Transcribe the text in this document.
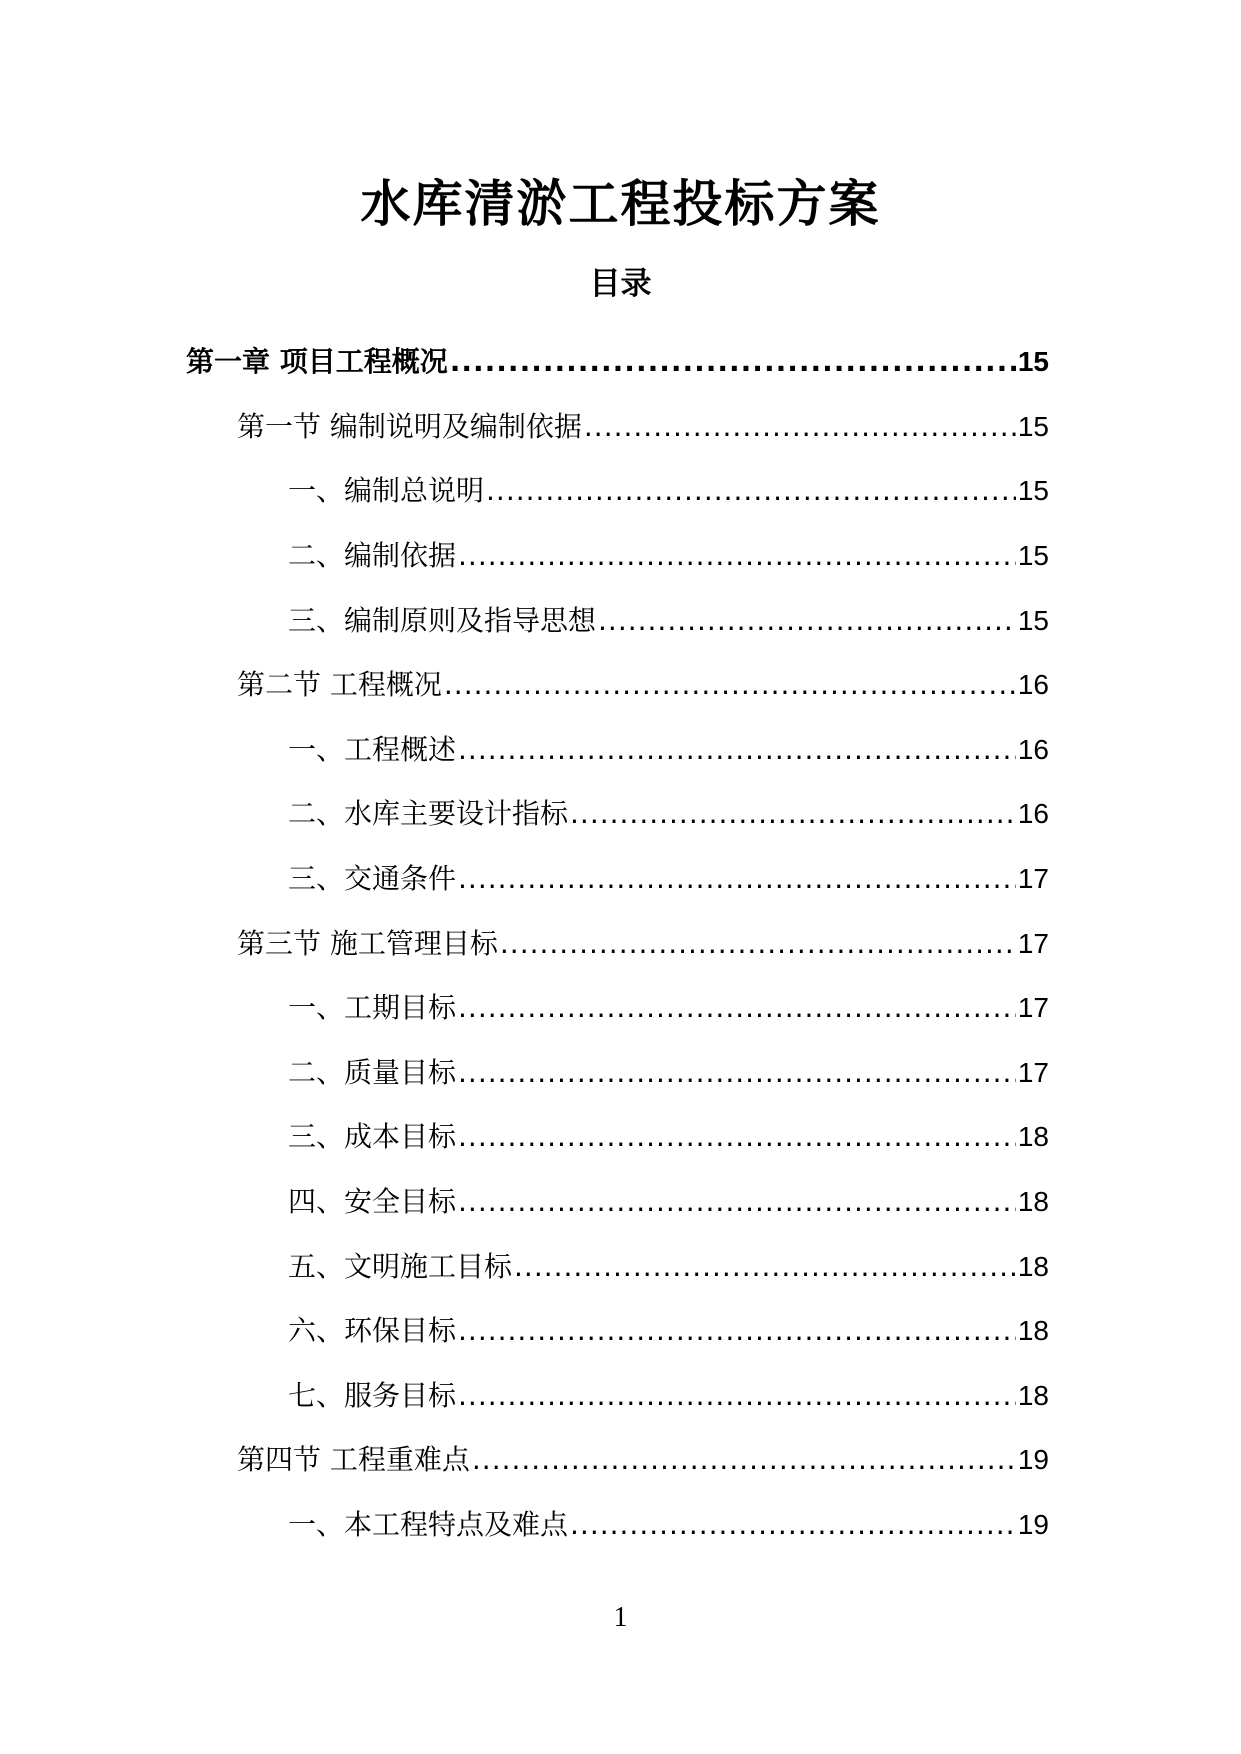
水库清淤工程投标方案
目录
第一章 项目工程概况 .....	15
第一节 编制说明及编制依据 .....	15
一、编制总说明 .....	15
二、编制依据 .....	15
三、编制原则及指导思想 .....	15
第二节 工程概况 .....	16
一、工程概述 .....	16
二、水库主要设计指标 .....	16
三、交通条件 .....	17
第三节 施工管理目标 .....	17
一、工期目标 .....	17
二、质量目标 .....	17
三、成本目标 .....	18
四、安全目标 .....	18
五、文明施工目标 .....	18
六、环保目标 .....	18
七、服务目标 .....	18
第四节 工程重难点 .....	19
一、本工程特点及难点 .....	19
1
